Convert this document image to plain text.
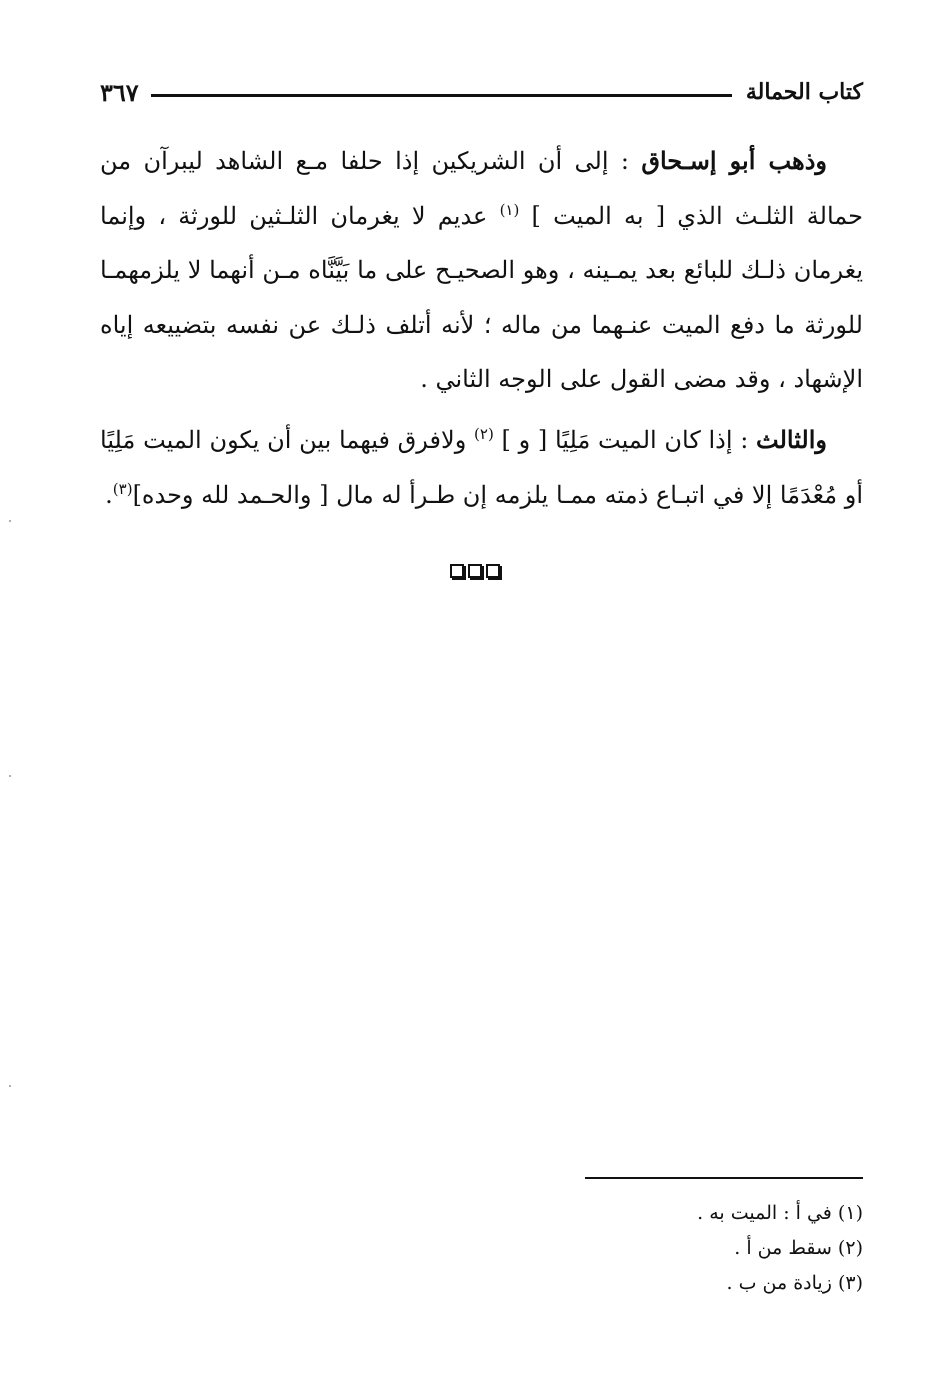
كتاب الحمالة
٣٦٧

وذهب أبو إسـحاق : إلى أن الشريكين إذا حلفا مـع الشاهد ليبرآن من حمالة الثلـث الذي [ به الميت ] $^{(١)}$ عديم لا يغرمان الثلـثين للورثة ، وإنما يغرمان ذلـك للبائع بعد يمـينه ، وهو الصحيـح على ما بَيَّنَّاه مـن أنهما لا يلزمهمـا للورثة ما دفع الميت عنـهما من ماله ؛ لأنه أتلف ذلـك عن نفسه بتضييعه إياه الإشهاد ، وقد مضى القول على الوجه الثاني .

والثالث : إذا كان الميت مَلِيًا [ و ] $^{(٢)}$ ولافرق فيهما بين أن يكون الميت مَلِيًا أو مُعْدَمًا إلا في اتبـاع ذمته ممـا يلزمه إن طـرأ له مال [ والحـمد لله وحده]$^{(٣)}$.

(١) في أ : الميت به .
(٢) سقط من أ .
(٣) زيادة من ب .
